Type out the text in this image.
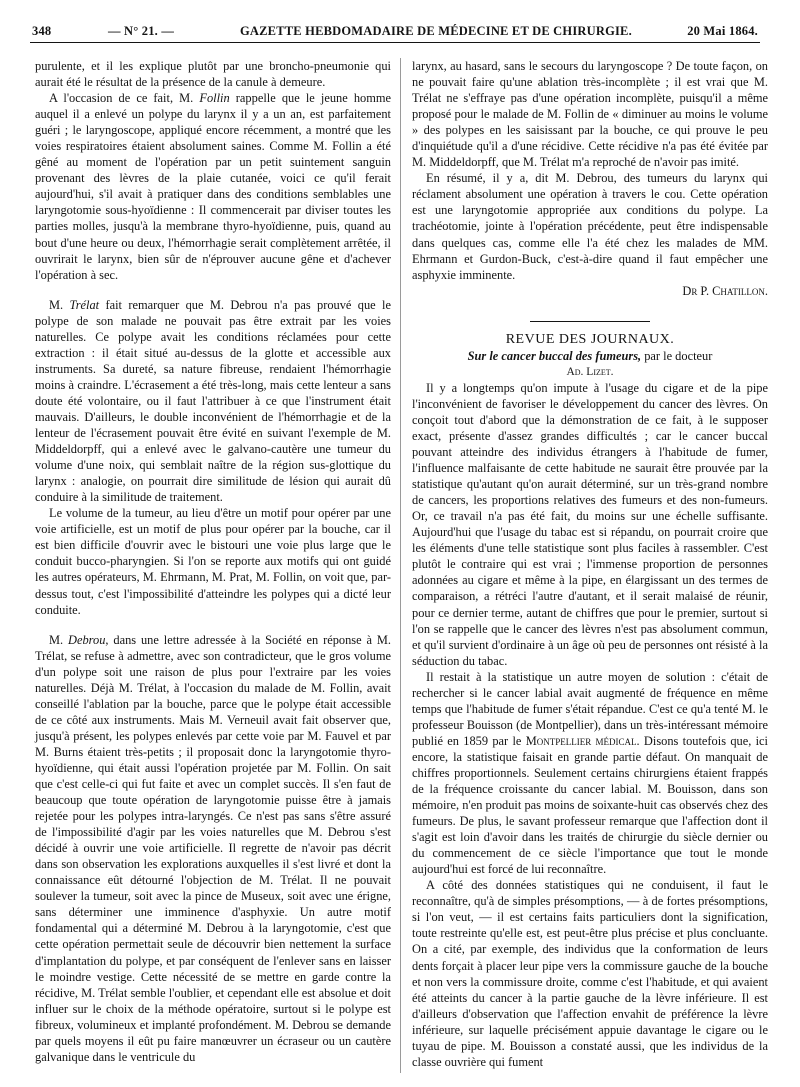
348	— N° 21. —	GAZETTE HEBDOMADAIRE DE MÉDECINE ET DE CHIRURGIE.	20 Mai 1864.

purulente, et il les explique plutôt par une broncho-pneumonie qui aurait été le résultat de la présence de la canule à demeure.

A l'occasion de ce fait, M. Follin rappelle que le jeune homme auquel il a enlevé un polype du larynx il y a un an, est parfaitement guéri ; le laryngoscope, appliqué encore récemment, a montré que les voies respiratoires étaient absolument saines. Comme M. Follin a été gêné au moment de l'opération par un petit suintement sanguin provenant des lèvres de la plaie cutanée, voici ce qu'il ferait aujourd'hui, s'il avait à pratiquer dans des conditions semblables une laryngotomie sous-hyoïdienne : Il commencerait par diviser toutes les parties molles, jusqu'à la membrane thyro-hyoïdienne, puis, quand au bout d'une heure ou deux, l'hémorrhagie serait complètement arrêtée, il ouvrirait le larynx, bien sûr de n'éprouver aucune gêne et d'achever l'opération à sec.

M. Trélat fait remarquer que M. Debrou n'a pas prouvé que le polype de son malade ne pouvait pas être extrait par les voies naturelles. Ce polype avait les conditions réclamées pour cette extraction : il était situé au-dessus de la glotte et accessible aux instruments. Sa dureté, sa nature fibreuse, rendaient l'hémorrhagie moins à craindre. L'écrasement a été très-long, mais cette lenteur a sans doute été volontaire, ou il faut l'attribuer à ce que l'instrument était mauvais. D'ailleurs, le double inconvénient de l'hémorrhagie et de la lenteur de l'écrasement pouvait être évité en suivant l'exemple de M. Middeldorpff, qui a enlevé avec le galvano-cautère une tumeur du volume d'une noix, qui semblait naître de la région sus-glottique du larynx : analogie, on pourrait dire similitude de lésion qui aurait dû conduire à la similitude de traitement.

Le volume de la tumeur, au lieu d'être un motif pour opérer par une voie artificielle, est un motif de plus pour opérer par la bouche, car il est bien difficile d'ouvrir avec le bistouri une voie plus large que le conduit bucco-pharyngien. Si l'on se reporte aux motifs qui ont guidé les autres opérateurs, M. Ehrmann, M. Prat, M. Follin, on voit que, par-dessus tout, c'est l'impossibilité d'atteindre les polypes qui a dicté leur conduite.

M. Debrou, dans une lettre adressée à la Société en réponse à M. Trélat, se refuse à admettre, avec son contradicteur, que le gros volume d'un polype soit une raison de plus pour l'extraire par les voies naturelles. Déjà M. Trélat, à l'occasion du malade de M. Follin, avait conseillé l'ablation par la bouche, parce que le polype était accessible de ce côté aux instruments. Mais M. Verneuil avait fait observer que, jusqu'à présent, les polypes enlevés par cette voie par M. Fauvel et par M. Burns étaient très-petits ; il proposait donc la laryngotomie thyro-hyoïdienne, qui était aussi l'opération projetée par M. Follin. On sait que c'est celle-ci qui fut faite et avec un complet succès. Il s'en faut de beaucoup que toute opération de laryngotomie puisse être à jamais rejetée pour les polypes intra-laryngés. Ce n'est pas sans s'être assuré de l'impossibilité d'agir par les voies naturelles que M. Debrou s'est décidé à ouvrir une voie artificielle. Il regrette de n'avoir pas décrit dans son observation les explorations auxquelles il s'est livré et dont la connaissance eût détourné l'objection de M. Trélat. Il ne pouvait soulever la tumeur, soit avec la pince de Museux, soit avec une érigne, sans déterminer une imminence d'asphyxie. Un autre motif fondamental qui a déterminé M. Debrou à la laryngotomie, c'est que cette opération permettait seule de découvrir bien nettement la surface d'implantation du polype, et par conséquent de l'enlever sans en laisser le moindre vestige. Cette nécessité de se mettre en garde contre la récidive, M. Trélat semble l'oublier, et cependant elle est absolue et doit influer sur le choix de la méthode opératoire, surtout si le polype est fibreux, volumineux et implanté profondément. M. Debrou se demande par quels moyens il eût pu faire manœuvrer un écraseur ou un cautère galvanique dans le ventricule du

larynx, au hasard, sans le secours du laryngoscope ? De toute façon, on ne pouvait faire qu'une ablation très-incomplète ; il est vrai que M. Trélat ne s'effraye pas d'une opération incomplète, puisqu'il a même proposé pour le malade de M. Follin de « diminuer au moins le volume » des polypes en les saisissant par la bouche, ce qui prouve le peu d'inquiétude qu'il a d'une récidive. Cette récidive n'a pas été évitée par M. Middeldorpff, que M. Trélat m'a reproché de n'avoir pas imité.

En résumé, il y a, dit M. Debrou, des tumeurs du larynx qui réclament absolument une opération à travers le cou. Cette opération est une laryngotomie appropriée aux conditions du polype. La trachéotomie, jointe à l'opération précédente, peut être indispensable dans quelques cas, comme elle l'a été chez les malades de MM. Ehrmann et Gurdon-Buck, c'est-à-dire quand il faut empêcher une asphyxie imminente.

Dr P. Chatillon.

REVUE DES JOURNAUX.

Sur le cancer buccal des fumeurs, par le docteur

Ad. Lizet.

Il y a longtemps qu'on impute à l'usage du cigare et de la pipe l'inconvénient de favoriser le développement du cancer des lèvres. On conçoit tout d'abord que la démonstration de ce fait, à le supposer exact, présente d'assez grandes difficultés ; car le cancer buccal pouvant atteindre des individus étrangers à l'habitude de fumer, l'influence malfaisante de cette habitude ne saurait être prouvée par la statistique qu'autant qu'on aurait déterminé, sur un très-grand nombre de cancers, les proportions relatives des fumeurs et des non-fumeurs. Or, ce travail n'a pas été fait, du moins sur une échelle suffisante. Aujourd'hui que l'usage du tabac est si répandu, on pourrait croire que les éléments d'une telle statistique sont plus faciles à rassembler. C'est plutôt le contraire qui est vrai ; l'immense proportion de personnes adonnées au cigare et même à la pipe, en élargissant un des termes de comparaison, a rétréci l'autre d'autant, et il serait malaisé de réunir, pour ce dernier terme, autant de chiffres que pour le premier, surtout si l'on se rappelle que le cancer des lèvres n'est pas absolument commun, et qu'il survient d'ordinaire à un âge où peu de personnes ont résisté à la séduction du tabac.

Il restait à la statistique un autre moyen de solution : c'était de rechercher si le cancer labial avait augmenté de fréquence en même temps que l'habitude de fumer s'était répandue. C'est ce qu'a tenté M. le professeur Bouisson (de Montpellier), dans un très-intéressant mémoire publié en 1859 par le Montpellier médical. Disons toutefois que, ici encore, la statistique faisait en grande partie défaut. On manquait de chiffres proportionnels. Seulement certains chirurgiens étaient frappés de la fréquence croissante du cancer labial. M. Bouisson, dans son mémoire, n'en produit pas moins de soixante-huit cas observés chez des fumeurs. De plus, le savant professeur remarque que l'affection dont il s'agit est loin d'avoir dans les traités de chirurgie du siècle dernier ou du commencement de ce siècle l'importance que tout le monde aujourd'hui est forcé de lui reconnaître.

A côté des données statistiques qui ne conduisent, il faut le reconnaître, qu'à de simples présomptions, — à de fortes présomptions, si l'on veut, — il est certains faits particuliers dont la signification, toute restreinte qu'elle est, est peut-être plus précise et plus concluante. On a cité, par exemple, des individus que la conformation de leurs dents forçait à placer leur pipe vers la commissure gauche de la bouche et non vers la commissure droite, comme c'est l'habitude, et qui avaient été atteints du cancer à la partie gauche de la lèvre inférieure. Il est d'ailleurs d'observation que l'affection envahit de préférence la lèvre inférieure, sur laquelle précisément appuie davantage le cigare ou le tuyau de pipe. M. Bouisson a constaté aussi, que les individus de la classe ouvrière qui fument
